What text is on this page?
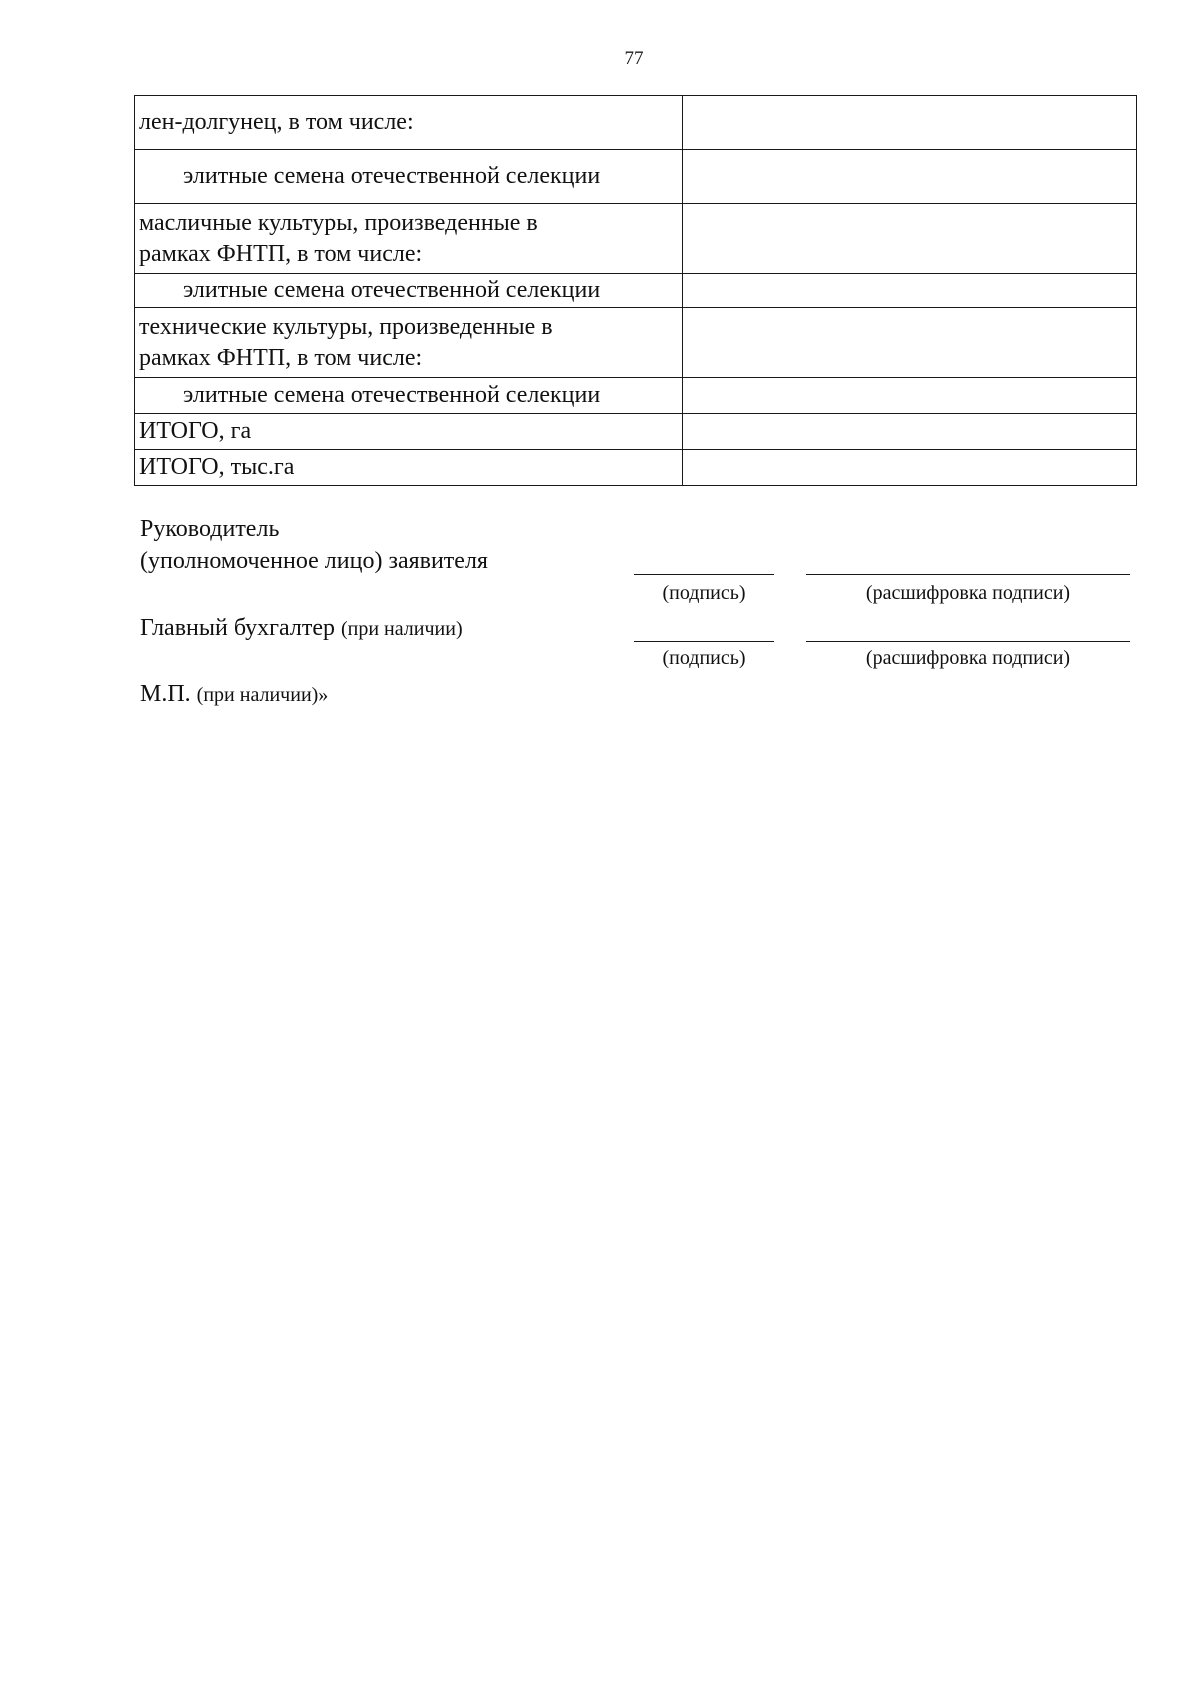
77
лен-долгунец, в том числе:	
элитные семена отечественной селекции	

масличные культуры, произведенные в
рамках ФНТП, в том числе:	

элитные семена отечественной селекции	

технические культуры, произведенные в
рамках ФНТП, в том числе:	

элитные семена отечественной селекции	
ИТОГО, га	
ИТОГО, тыс.га	
Руководитель
(уполномоченное лицо) заявителя
(подпись)	(расшифровка подписи)
Главный бухгалтер (при наличии)
(подпись)	(расшифровка подписи)
М.П. (при наличии)»
